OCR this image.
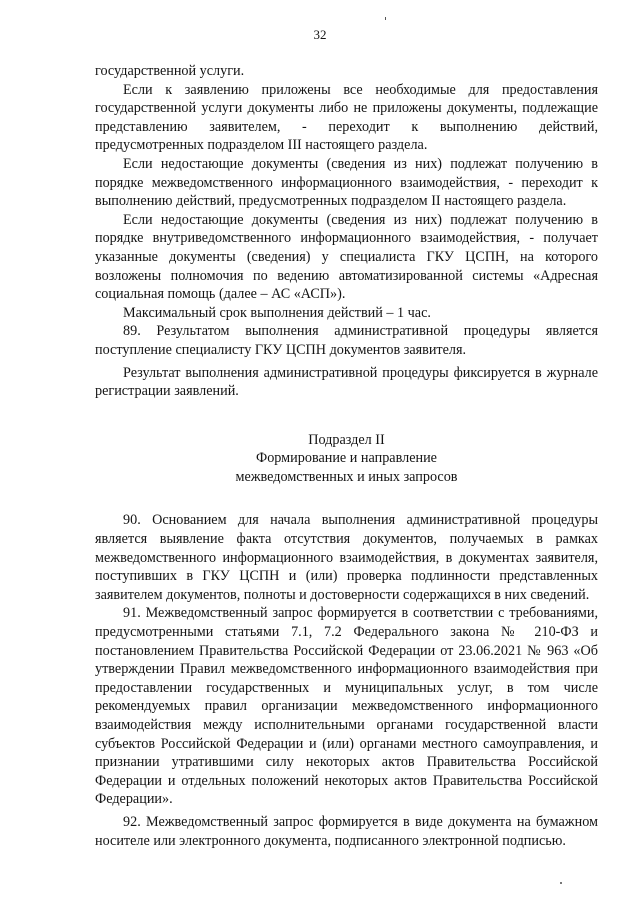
32

государственной услуги.

Если к заявлению приложены все необходимые для предоставления государственной услуги документы либо не приложены документы, подлежащие представлению заявителем, - переходит к выполнению действий, предусмотренных подразделом III настоящего раздела.

Если недостающие документы (сведения из них) подлежат получению в порядке межведомственного информационного взаимодействия, - переходит к выполнению действий, предусмотренных подразделом II настоящего раздела.

Если недостающие документы (сведения из них) подлежат получению в порядке внутриведомственного информационного взаимодействия, - получает указанные документы (сведения) у специалиста ГКУ ЦСПН, на которого возложены полномочия по ведению автоматизированной системы «Адресная социальная помощь (далее – АС «АСП»).

Максимальный срок выполнения действий – 1 час.

89. Результатом выполнения административной процедуры является поступление специалисту ГКУ ЦСПН документов заявителя.

Результат выполнения административной процедуры фиксируется в журнале регистрации заявлений.

Подраздел II
Формирование и направление
межведомственных и иных запросов

90. Основанием для начала выполнения административной процедуры является выявление факта отсутствия документов, получаемых в рамках межведомственного информационного взаимодействия, в документах заявителя, поступивших в ГКУ ЦСПН и (или) проверка подлинности представленных заявителем документов, полноты и достоверности содержащихся в них сведений.

91. Межведомственный запрос формируется в соответствии с требованиями, предусмотренными статьями 7.1, 7.2 Федерального закона № 210-ФЗ и постановлением Правительства Российской Федерации от 23.06.2021 № 963 «Об утверждении Правил межведомственного информационного взаимодействия при предоставлении государственных и муниципальных услуг, в том числе рекомендуемых правил организации межведомственного информационного взаимодействия между исполнительными органами государственной власти субъектов Российской Федерации и (или) органами местного самоуправления, и признании утратившими силу некоторых актов Правительства Российской Федерации и отдельных положений некоторых актов Правительства Российской Федерации».

92. Межведомственный запрос формируется в виде документа на бумажном носителе или электронного документа, подписанного электронной подписью.
